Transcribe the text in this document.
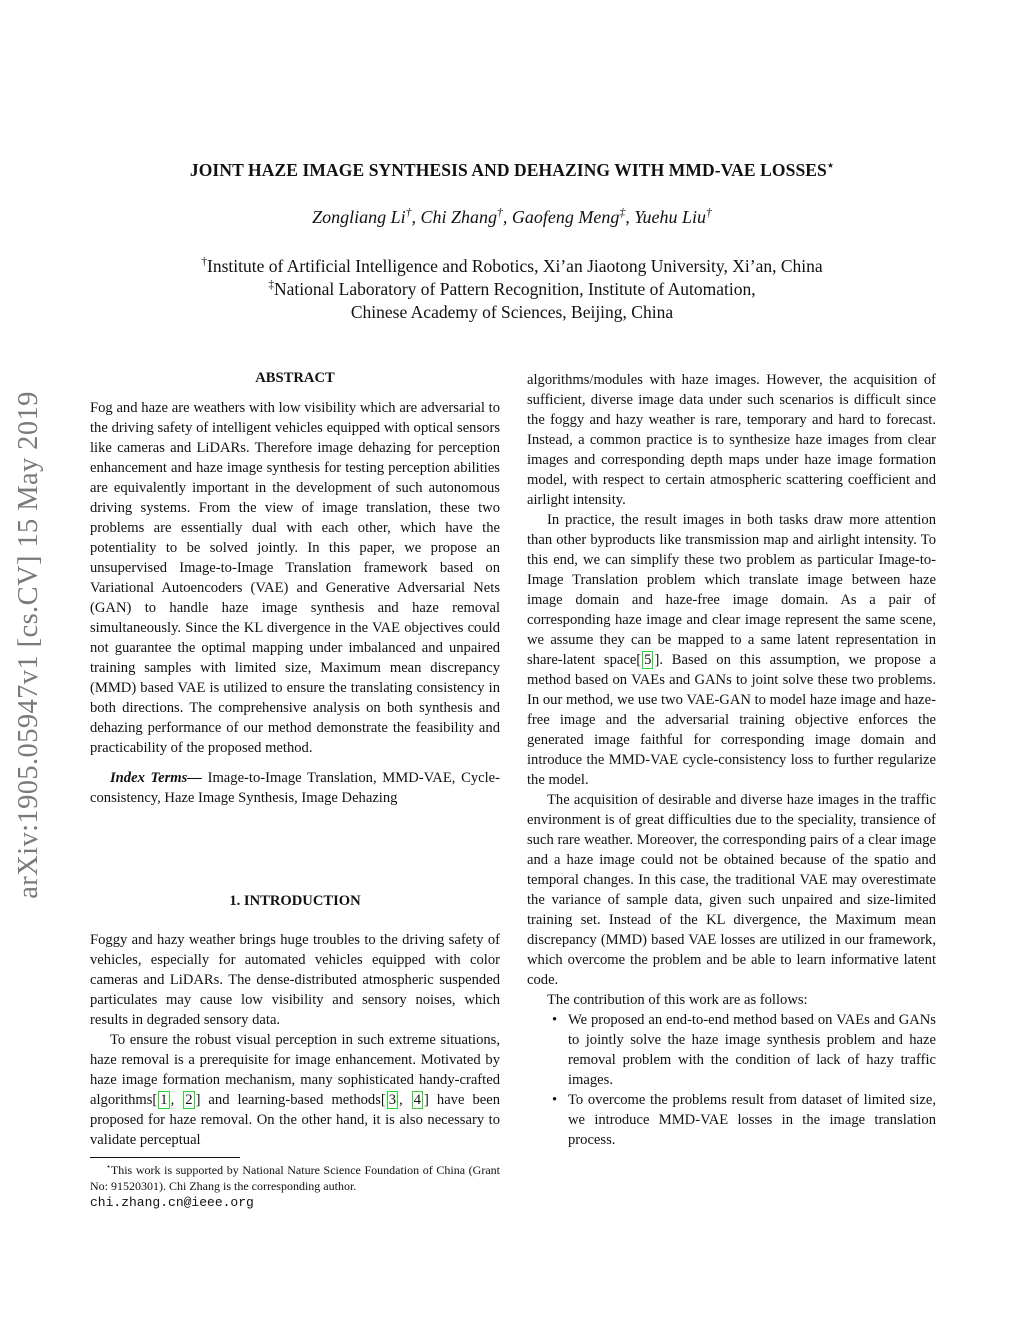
arXiv:1905.05947v1 [cs.CV] 15 May 2019
JOINT HAZE IMAGE SYNTHESIS AND DEHAZING WITH MMD-VAE LOSSES⋆
Zongliang Li†, Chi Zhang†, Gaofeng Meng‡, Yuehu Liu†
†Institute of Artificial Intelligence and Robotics, Xi’an Jiaotong University, Xi’an, China
‡National Laboratory of Pattern Recognition, Institute of Automation,
Chinese Academy of Sciences, Beijing, China
ABSTRACT

Fog and haze are weathers with low visibility which are adversarial to the driving safety of intelligent vehicles equipped with optical sensors like cameras and LiDARs. Therefore image dehazing for perception enhancement and haze image synthesis for testing perception abilities are equivalently important in the development of such autonomous driving systems. From the view of image translation, these two problems are essentially dual with each other, which have the potentiality to be solved jointly. In this paper, we propose an unsupervised Image-to-Image Translation framework based on Variational Autoencoders (VAE) and Generative Adversarial Nets (GAN) to handle haze image synthesis and haze removal simultaneously. Since the KL divergence in the VAE objectives could not guarantee the optimal mapping under imbalanced and unpaired training samples with limited size, Maximum mean discrepancy (MMD) based VAE is utilized to ensure the translating consistency in both directions. The comprehensive analysis on both synthesis and dehazing performance of our method demonstrate the feasibility and practicability of the proposed method.

Index Terms— Image-to-Image Translation, MMD-VAE, Cycle-consistency, Haze Image Synthesis, Image Dehazing

1. INTRODUCTION

Foggy and hazy weather brings huge troubles to the driving safety of vehicles, especially for automated vehicles equipped with color cameras and LiDARs. The dense-distributed atmospheric suspended particulates may cause low visibility and sensory noises, which results in degraded sensory data.

To ensure the robust visual perception in such extreme situations, haze removal is a prerequisite for image enhancement. Motivated by haze image formation mechanism, many sophisticated handy-crafted algorithms[ 1 , 2 ] and learning-based methods[ 3 , 4 ] have been proposed for haze removal. On the other hand, it is also necessary to validate perceptual

⋆This work is supported by National Nature Science Foundation of China (Grant No: 91520301). Chi Zhang is the corresponding author.
chi.zhang.cn@ieee.org

algorithms/modules with haze images. However, the acquisition of sufficient, diverse image data under such scenarios is difficult since the foggy and hazy weather is rare, temporary and hard to forecast. Instead, a common practice is to synthesize haze images from clear images and corresponding depth maps under haze image formation model, with respect to certain atmospheric scattering coefficient and airlight intensity.

In practice, the result images in both tasks draw more attention than other byproducts like transmission map and airlight intensity. To this end, we can simplify these two problem as particular Image-to-Image Translation problem which translate image between haze image domain and haze-free image domain. As a pair of corresponding haze image and clear image represent the same scene, we assume they can be mapped to a same latent representation in share-latent space[ 5 ]. Based on this assumption, we propose a method based on VAEs and GANs to joint solve these two problems. In our method, we use two VAE-GAN to model haze image and haze-free image and the adversarial training objective enforces the generated image faithful for corresponding image domain and introduce the MMD-VAE cycle-consistency loss to further regularize the model.

The acquisition of desirable and diverse haze images in the traffic environment is of great difficulties due to the speciality, transience of such rare weather. Moreover, the corresponding pairs of a clear image and a haze image could not be obtained because of the spatio and temporal changes. In this case, the traditional VAE may overestimate the variance of sample data, given such unpaired and size-limited training set. Instead of the KL divergence, the Maximum mean discrepancy (MMD) based VAE losses are utilized in our framework, which overcome the problem and be able to learn informative latent code.

The contribution of this work are as follows:

• We proposed an end-to-end method based on VAEs and GANs to jointly solve the haze image synthesis problem and haze removal problem with the condition of lack of hazy traffic images.

• To overcome the problems result from dataset of limited size, we introduce MMD-VAE losses in the image translation process.
